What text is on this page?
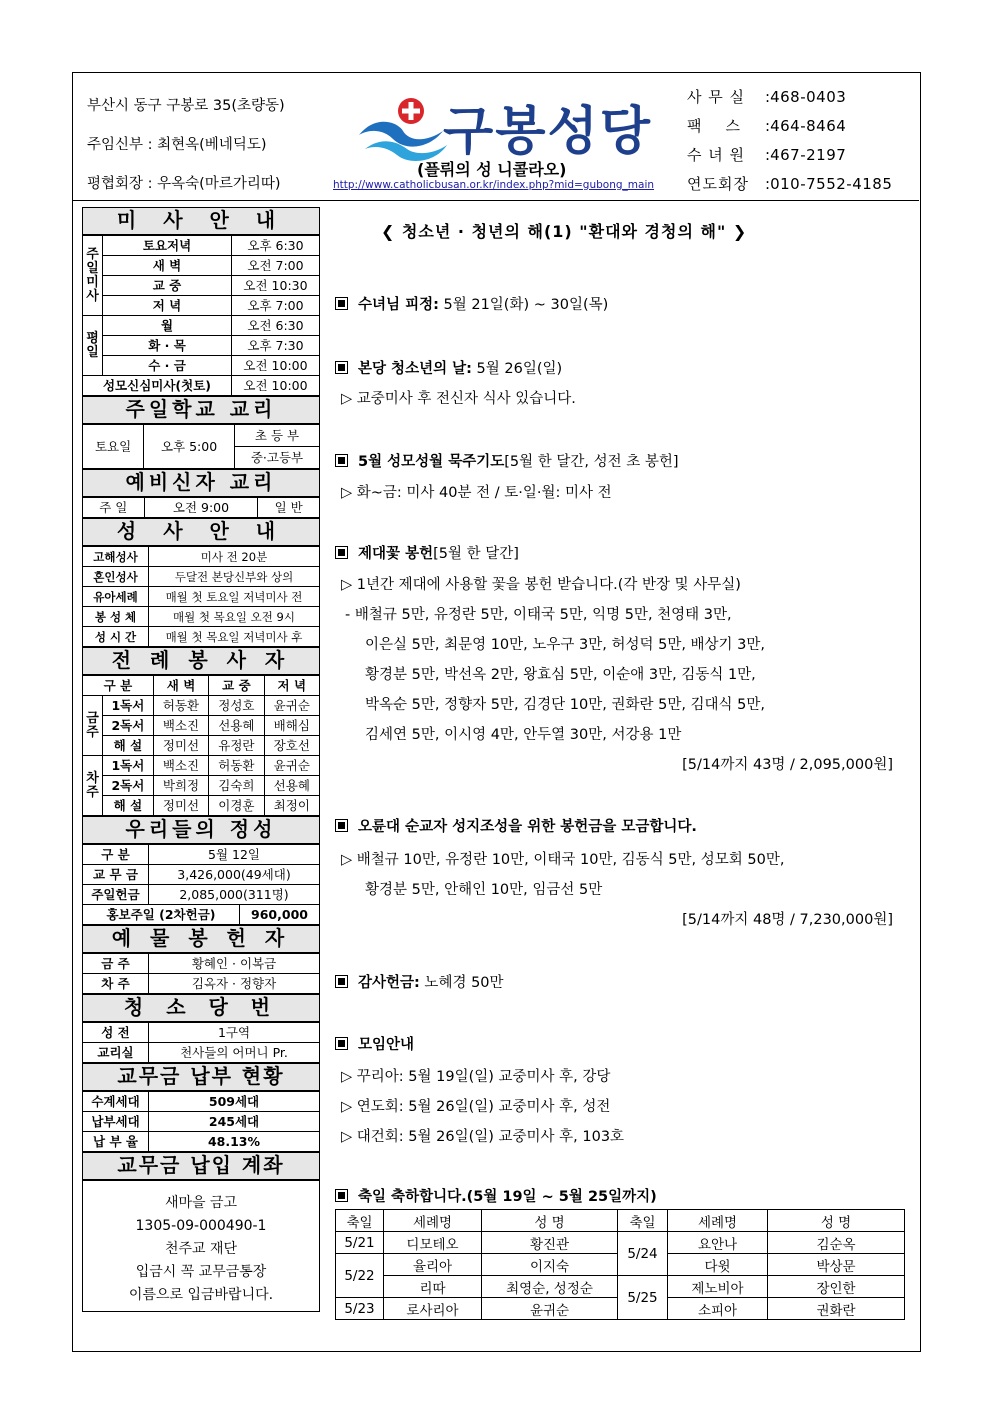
부산시 동구 구봉로 35(초량동)
주임신부 : 최현옥(베네딕도)
평협회장 : 우옥숙(마르가리따)
구봉성당
(플뤼의 성 니콜라오)
http://www.catholicbusan.or.kr/index.php?mid=gubong_main
사 무 실	: 468-0403
팩    스	: 464-8464
수 녀 원	: 467-2197
연도회장	: 010-7552-4185
미 사 안 내
주일미사	토요저녁	오후 6:30
	새 벽	오전 7:00
	교 중	오전 10:30
	저 녁	오후 7:00
평일	월	오전 6:30
	화 · 목	오후 7:30
	수 · 금	오전 10:00
성모신심미사(첫토)		오전 10:00
주일학교 교리
토요일	오후 5:00	초 등 부
중·고등부
예비신자 교리
주 일	오전 9:00	일 반
성 사 안 내
고해성사	미사 전 20분
혼인성사	두달전 본당신부와 상의
유아세례	매월 첫 토요일 저녁미사 전
봉 성 체	매월 첫 목요일 오전 9시
성 시 간	매월 첫 목요일 저녁미사 후
전 례 봉 사 자
구 분		새 벽	교 중	저 녁
금주	1독서	허동환	정성호	윤귀순
	2독서	백소진	선용혜	배해심
	해 설	정미선	유정란	장호선
차주	1독서	백소진	허동환	윤귀순
	2독서	박희정	김숙희	선용혜
	해 설	정미선	이경훈	최정이
우리들의 정성
구 분	5월 12일	
교 무 금	3,426,000(49세대)	
주일헌금	2,085,000(311명)	
홍보주일 (2차헌금)		960,000
예 물 봉 헌 자
금 주	황혜인 · 이복금
차 주	김옥자 · 정향자
청 소 당 번
성 전	1구역
교리실	천사들의 어머니 Pr.
교무금 납부 현황
수계세대	509세대
납부세대	245세대
납 부 율	48.13%
교무금 납입 계좌
새마을 금고
1305-09-000490-1
천주교 재단
입금시 꼭 교무금통장
이름으로 입금바랍니다.
❮ 청소년 · 청년의 해(1) "환대와 경청의 해" ❯
수녀님 피정: 5월 21일(화) ~ 30일(목)
본당 청소년의 날: 5월 26일(일)
▷ 교중미사 후 전신자 식사 있습니다.
5월 성모성월 묵주기도[5월 한 달간, 성전 초 봉헌]
▷ 화~금: 미사 40분 전 / 토·일·월: 미사 전
제대꽃 봉헌[5월 한 달간]
▷ 1년간 제대에 사용할 꽃을 봉헌 받습니다.(각 반장 및 사무실)
- 배철규 5만, 유정란 5만, 이태국 5만, 익명 5만, 천영태 3만,
이은실 5만, 최문영 10만, 노우구 3만, 허성덕 5만, 배상기 3만,
황경분 5만, 박선옥 2만, 왕효심 5만, 이순애 3만, 김동식 1만,
박옥순 5만, 정향자 5만, 김경단 10만, 권화란 5만, 김대식 5만,
김세연 5만, 이시영 4만, 안두열 30만, 서강용 1만
[5/14까지 43명 / 2,095,000원]
오륜대 순교자 성지조성을 위한 봉헌금을 모금합니다.
▷ 배철규 10만, 유정란 10만, 이태국 10만, 김동식 5만, 성모회 50만,
황경분 5만, 안해인 10만, 임금선 5만
[5/14까지 48명 / 7,230,000원]
감사헌금: 노혜경 50만
모임안내
▷ 꾸리아: 5월 19일(일) 교중미사 후, 강당
▷ 연도회: 5월 26일(일) 교중미사 후, 성전
▷ 대건회: 5월 26일(일) 교중미사 후, 103호
축일 축하합니다.(5월 19일 ~ 5월 25일까지)
축일	세례명	성 명	축일	세례명	성 명
5/21	디모테오	황진관	5/24	요안나	김순옥
5/22	율리아	이지숙		다윗	박상문
	리따	최영순, 성정순	5/25	제노비아	장인한
5/23	로사리아	윤귀순		소피아	권화란
